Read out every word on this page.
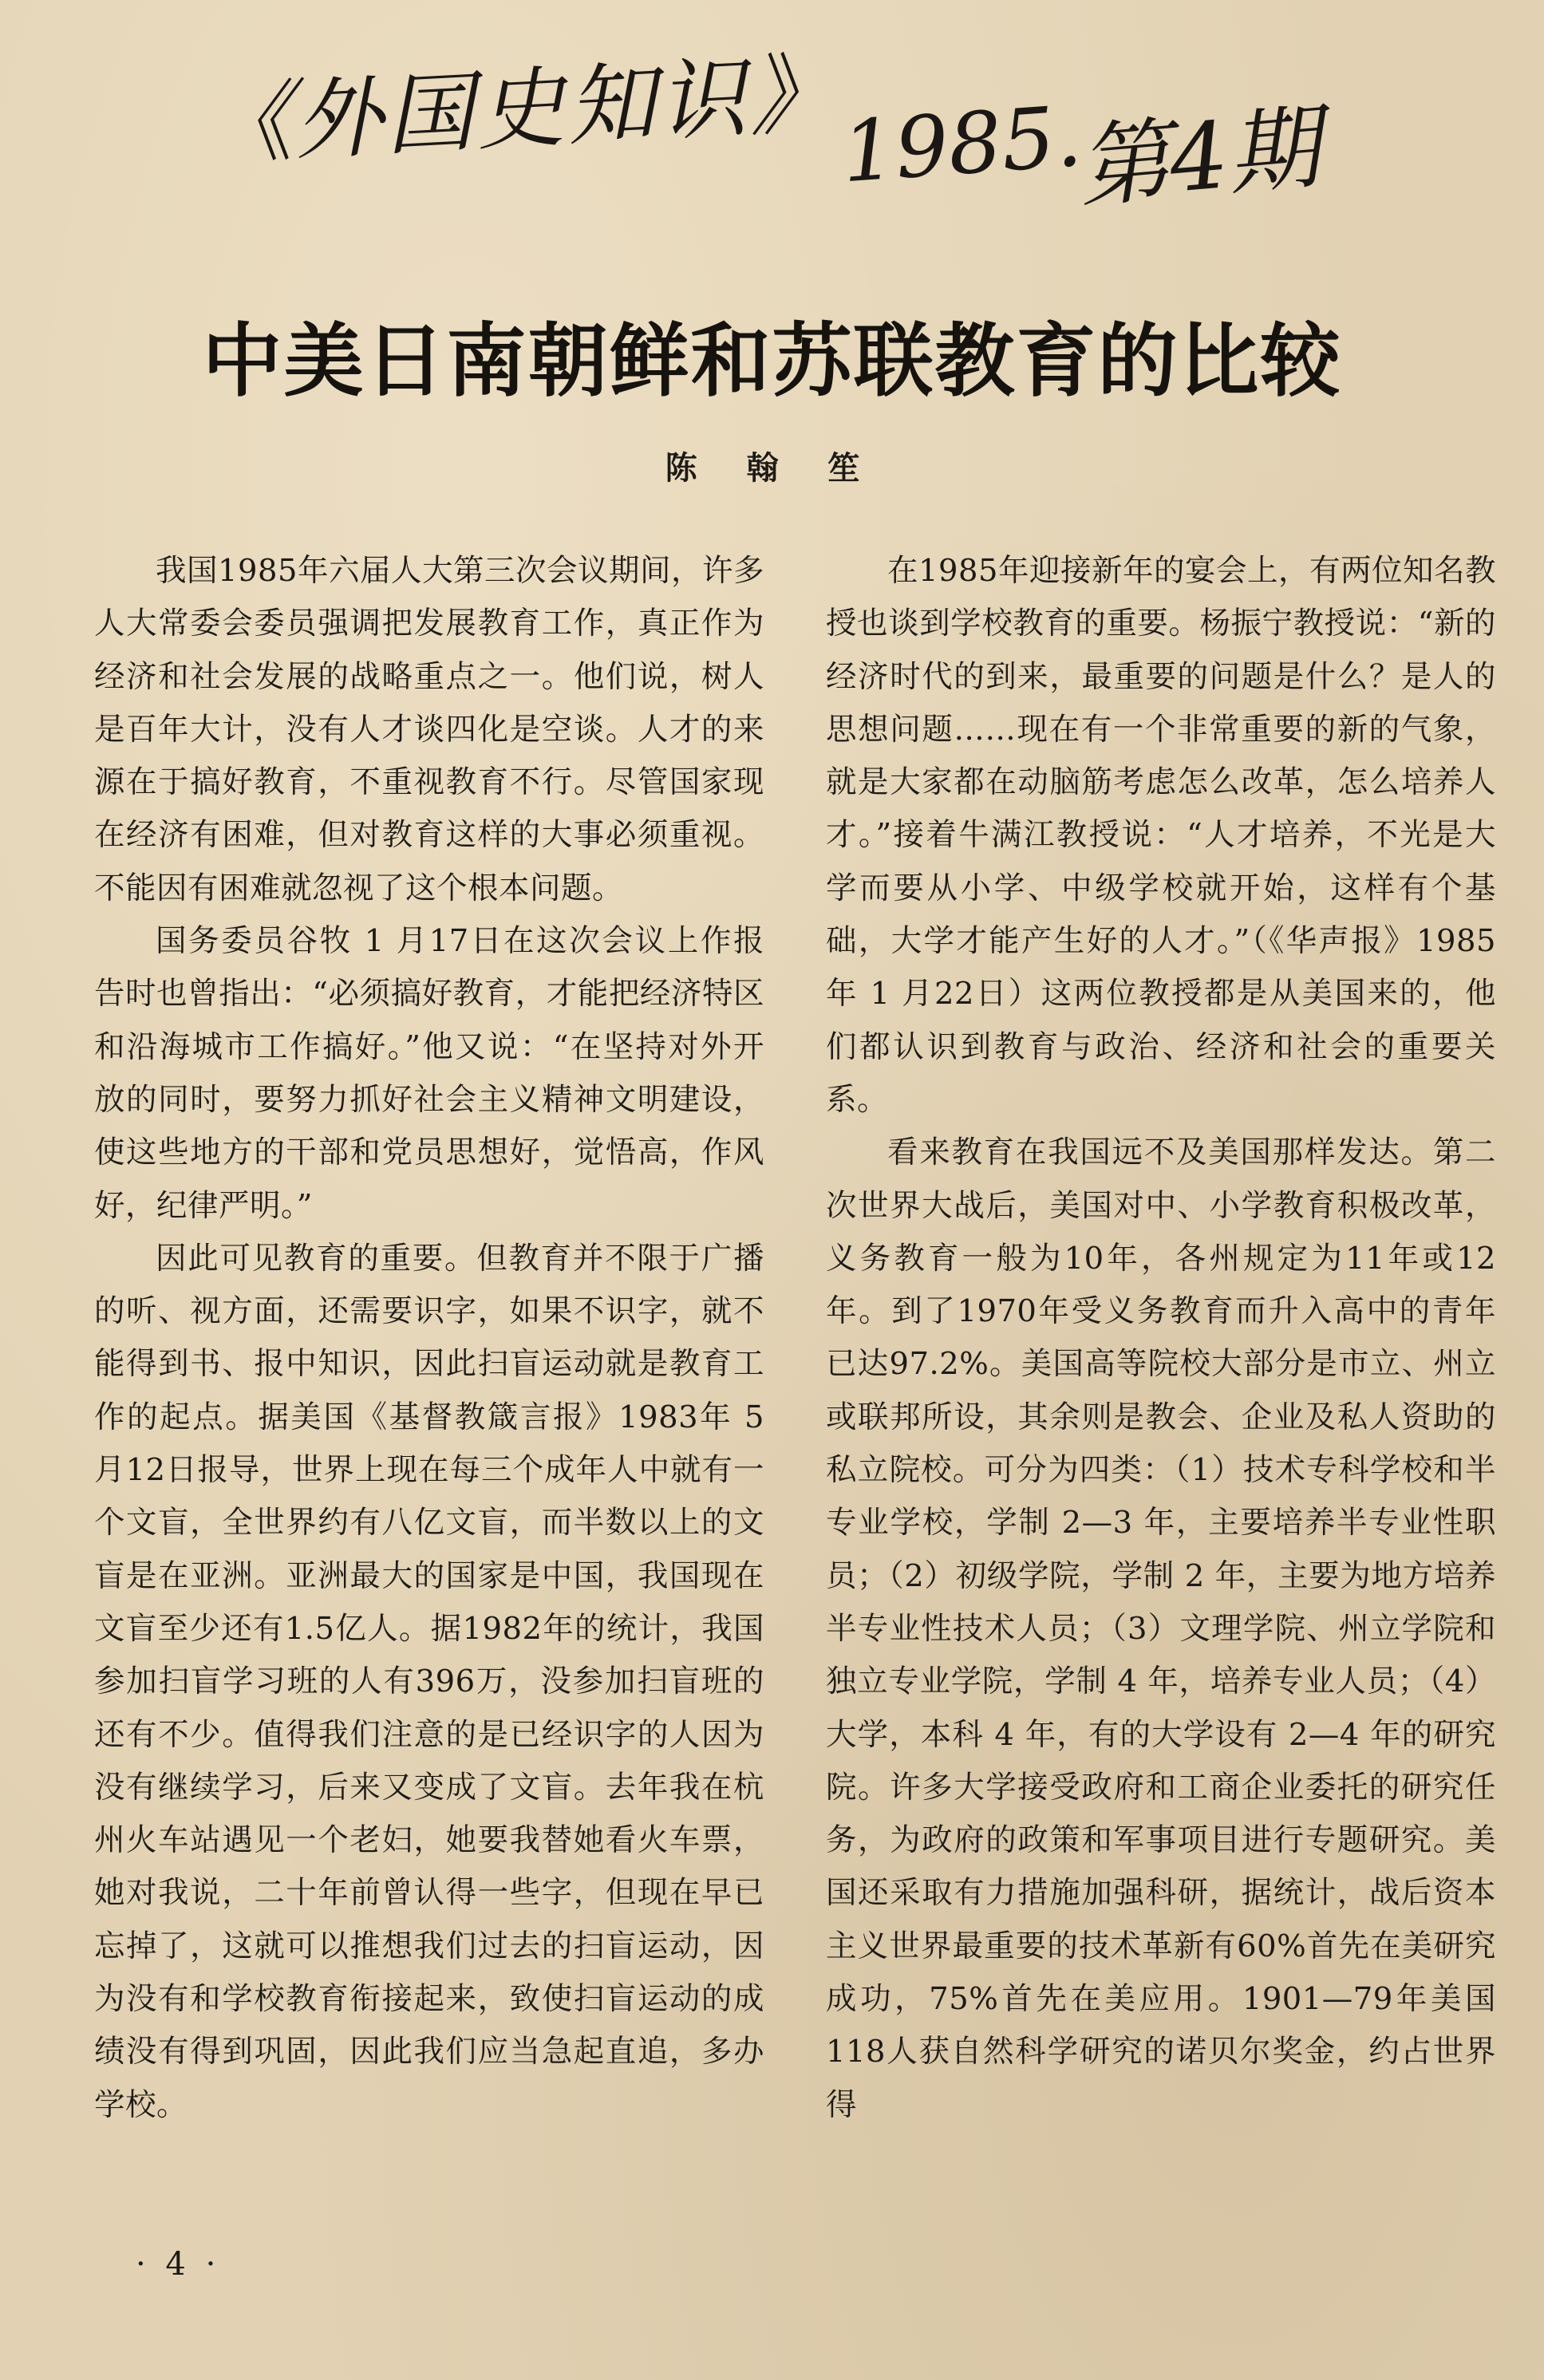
《外国史知识》
1985.
第4期
中美日南朝鲜和苏联教育的比较
陈 翰 笙

我国1985年六届人大第三次会议期间，许多人大常委会委员强调把发展教育工作，真正作为经济和社会发展的战略重点之一。他们说，树人是百年大计，没有人才谈四化是空谈。人才的来源在于搞好教育，不重视教育不行。尽管国家现在经济有困难，但对教育这样的大事必须重视。不能因有困难就忽视了这个根本问题。

国务委员谷牧 1 月17日在这次会议上作报告时也曾指出：“必须搞好教育，才能把经济特区和沿海城市工作搞好。”他又说：“在坚持对外开放的同时，要努力抓好社会主义精神文明建设，使这些地方的干部和党员思想好，觉悟高，作风好，纪律严明。”

因此可见教育的重要。但教育并不限于广播的听、视方面，还需要识字，如果不识字，就不能得到书、报中知识，因此扫盲运动就是教育工作的起点。据美国《基督教箴言报》1983年 5 月12日报导，世界上现在每三个成年人中就有一个文盲，全世界约有八亿文盲，而半数以上的文盲是在亚洲。亚洲最大的国家是中国，我国现在文盲至少还有1.5亿人。据1982年的统计，我国参加扫盲学习班的人有396万，没参加扫盲班的还有不少。值得我们注意的是已经识字的人因为没有继续学习，后来又变成了文盲。去年我在杭州火车站遇见一个老妇，她要我替她看火车票，她对我说，二十年前曾认得一些字，但现在早已忘掉了，这就可以推想我们过去的扫盲运动，因为没有和学校教育衔接起来，致使扫盲运动的成绩没有得到巩固，因此我们应当急起直追，多办学校。

在1985年迎接新年的宴会上，有两位知名教授也谈到学校教育的重要。杨振宁教授说：“新的经济时代的到来，最重要的问题是什么？是人的思想问题……现在有一个非常重要的新的气象，就是大家都在动脑筋考虑怎么改革，怎么培养人才。”接着牛满江教授说：“人才培养，不光是大学而要从小学、中级学校就开始，这样有个基础，大学才能产生好的人才。”（《华声报》1985年 1 月22日）这两位教授都是从美国来的，他们都认识到教育与政治、经济和社会的重要关系。

看来教育在我国远不及美国那样发达。第二次世界大战后，美国对中、小学教育积极改革，义务教育一般为10年，各州规定为11年或12年。到了1970年受义务教育而升入高中的青年已达97.2%。美国高等院校大部分是市立、州立或联邦所设，其余则是教会、企业及私人资助的私立院校。可分为四类：（1）技术专科学校和半专业学校，学制 2—3 年，主要培养半专业性职员；（2）初级学院，学制 2 年，主要为地方培养半专业性技术人员；（3）文理学院、州立学院和独立专业学院，学制 4 年，培养专业人员；（4）大学，本科 4 年，有的大学设有 2—4 年的研究院。许多大学接受政府和工商企业委托的研究任务，为政府的政策和军事项目进行专题研究。美国还采取有力措施加强科研，据统计，战后资本主义世界最重要的技术革新有60%首先在美研究成功，75%首先在美应用。1901—79年美国118人获自然科学研究的诺贝尔奖金，约占世界得

· 4 ·
